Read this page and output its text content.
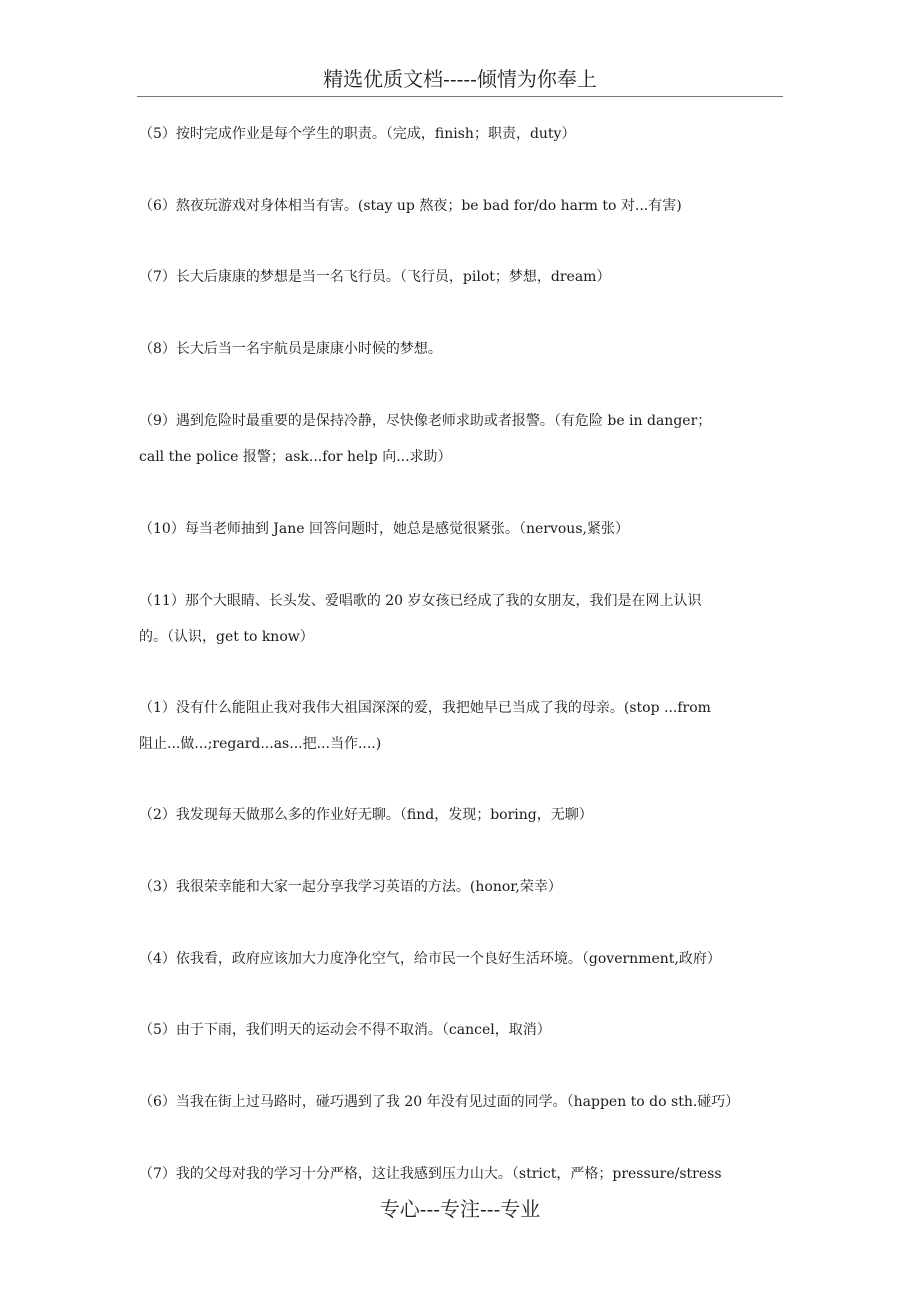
精选优质文档-----倾情为你奉上
（5）按时完成作业是每个学生的职责。（完成，finish；职责，duty）
（6）熬夜玩游戏对身体相当有害。(stay up 熬夜；be bad for/do harm to 对...有害)
（7）长大后康康的梦想是当一名飞行员。（飞行员，pilot；梦想，dream）
（8）长大后当一名宇航员是康康小时候的梦想。
（9）遇到危险时最重要的是保持冷静，尽快像老师求助或者报警。（有危险 be in danger；
call the police 报警；ask...for help 向...求助）
（10）每当老师抽到 Jane 回答问题时，她总是感觉很紧张。（nervous,紧张）
（11）那个大眼睛、长头发、爱唱歌的 20 岁女孩已经成了我的女朋友，我们是在网上认识
的。（认识，get to know）
（1）没有什么能阻止我对我伟大祖国深深的爱，我把她早已当成了我的母亲。(stop ...from
阻止...做...;regard...as...把...当作....)
（2）我发现每天做那么多的作业好无聊。（find，发现；boring，无聊）
（3）我很荣幸能和大家一起分享我学习英语的方法。(honor,荣幸）
（4）依我看，政府应该加大力度净化空气，给市民一个良好生活环境。（government,政府）
（5）由于下雨，我们明天的运动会不得不取消。（cancel，取消）
（6）当我在街上过马路时，碰巧遇到了我 20 年没有见过面的同学。（happen to do sth.碰巧）
（7）我的父母对我的学习十分严格，这让我感到压力山大。（strict，严格；pressure/stress
专心---专注---专业
